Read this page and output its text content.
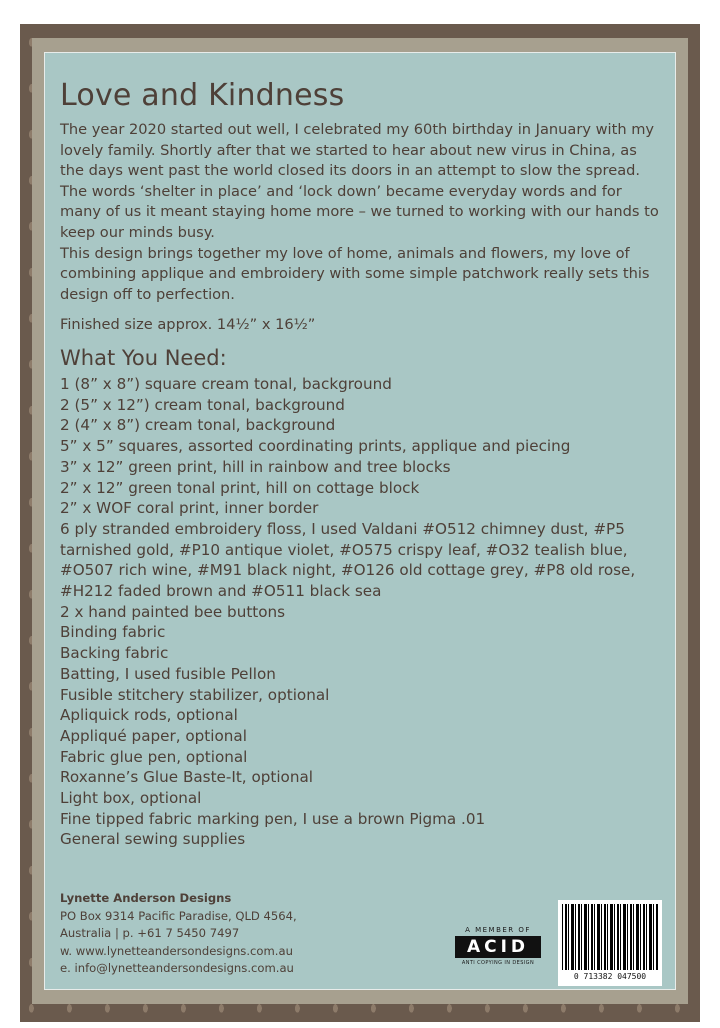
Love and Kindness

The year 2020 started out well, I celebrated my 60th birthday in January with my lovely family. Shortly after that we started to hear about new virus in China, as the days went past the world closed its doors in an attempt to slow the spread. The words ‘shelter in place’ and ‘lock down’ became everyday words and for many of us it meant staying home more – we turned to working with our hands to keep our minds busy.

This design brings together my love of home, animals and flowers, my love of combining applique and embroidery with some simple patchwork really sets this design off to perfection.

Finished size approx. 14½” x 16½”
What You Need:
1 (8” x 8”) square cream tonal, background
2 (5” x 12”) cream tonal, background
2 (4” x 8”) cream tonal, background
5” x 5” squares, assorted coordinating prints, applique and piecing
3” x 12” green print, hill in rainbow and tree blocks
2” x 12” green tonal print, hill on cottage block
2” x WOF coral print, inner border
6 ply stranded embroidery floss, I used Valdani #O512 chimney dust, #P5 tarnished gold, #P10 antique violet, #O575 crispy leaf, #O32 tealish blue, #O507 rich wine, #M91 black night, #O126 old cottage grey, #P8 old rose, #H212 faded brown and #O511 black sea
2 x hand painted bee buttons
Binding fabric
Backing fabric
Batting, I used fusible Pellon
Fusible stitchery stabilizer, optional
Apliquick rods, optional
Appliqué paper, optional
Fabric glue pen, optional
Roxanne’s Glue Baste-It, optional
Light box, optional
Fine tipped fabric marking pen, I use a brown Pigma .01
General sewing supplies
Lynette Anderson Designs
PO Box 9314 Pacific Paradise, QLD 4564,
Australia | p. +61 7 5450 7497
w. www.lynetteandersondesigns.com.au
e. info@lynetteandersondesigns.com.au
A MEMBER OF
ACID
ANTI COPYING IN DESIGN
0 713382 047500
